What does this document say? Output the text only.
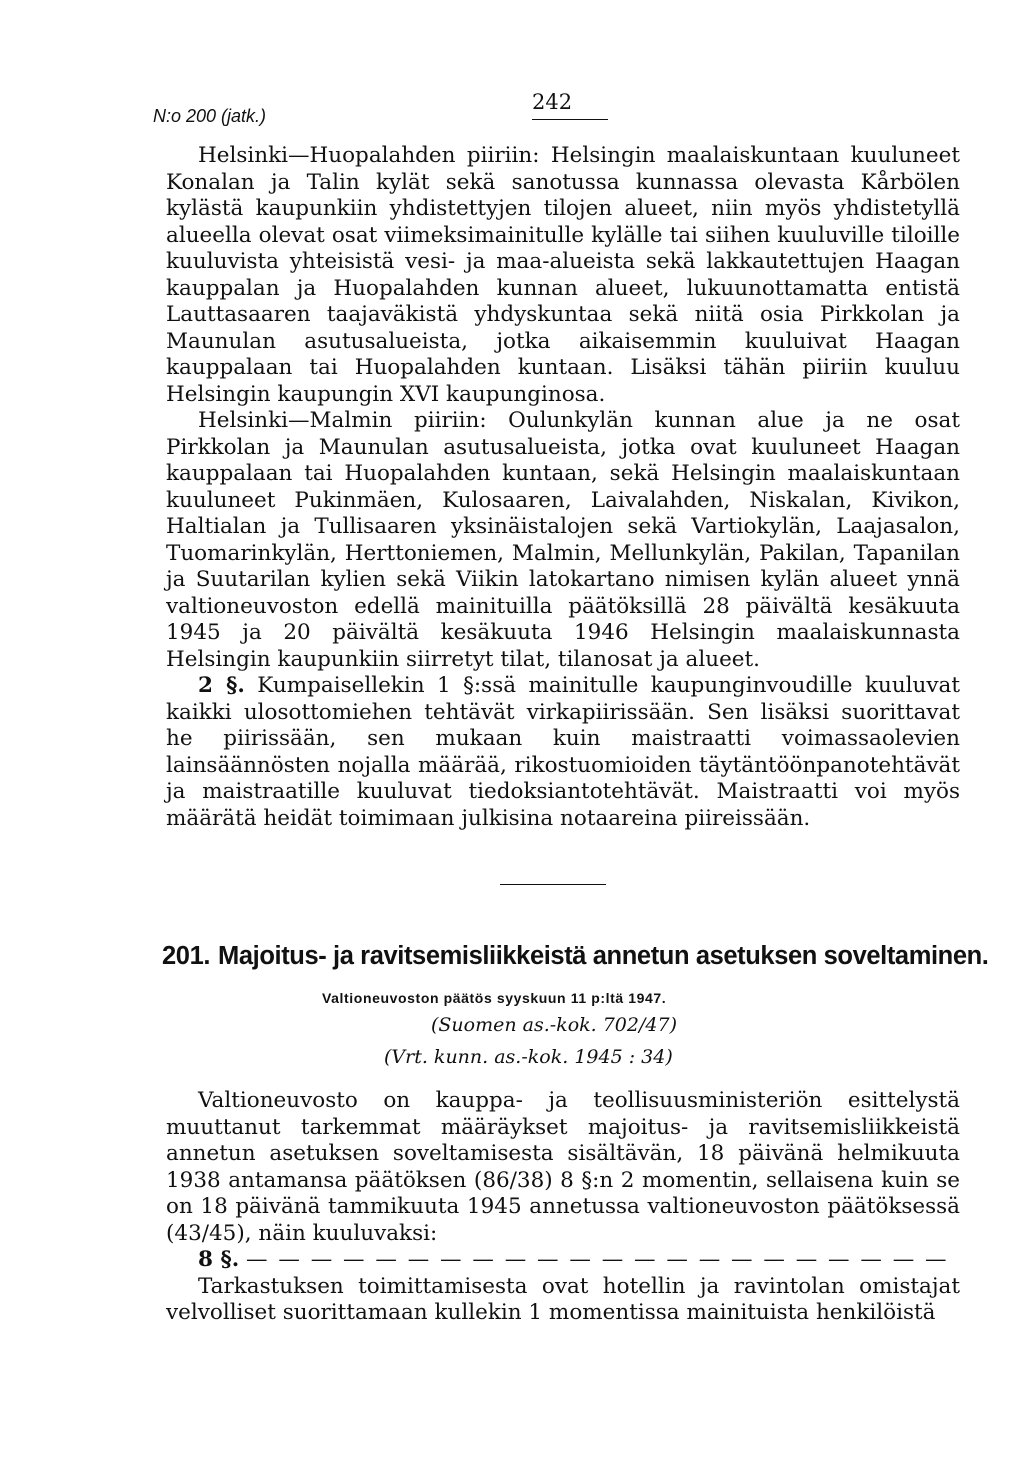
N:o 200 (jatk.)
242

Helsinki—Huopalahden piiriin: Helsingin maalaiskuntaan kuuluneet Konalan ja Talin kylät sekä sanotussa kunnassa olevasta Kårbölen kylästä kaupunkiin yhdistettyjen tilojen alueet, niin myös yhdistetyllä alueella olevat osat viimeksimainitulle kylälle tai siihen kuuluville tiloille kuuluvista yhteisistä vesi- ja maa-alueista sekä lakkautettujen Haagan kauppalan ja Huopalahden kunnan alueet, lukuunottamatta entistä Lauttasaaren taajaväkistä yhdyskuntaa sekä niitä osia Pirkkolan ja Maunulan asutusalueista, jotka aikaisemmin kuuluivat Haagan kauppalaan tai Huopalahden kuntaan. Lisäksi tähän piiriin kuuluu Helsingin kaupungin XVI kaupunginosa.

Helsinki—Malmin piiriin: Oulunkylän kunnan alue ja ne osat Pirkkolan ja Maunulan asutusalueista, jotka ovat kuuluneet Haagan kauppalaan tai Huopalahden kuntaan, sekä Helsingin maalaiskuntaan kuuluneet Pukinmäen, Kulosaaren, Laivalahden, Niskalan, Kivikon, Haltialan ja Tullisaaren yksinäistalojen sekä Vartiokylän, Laajasalon, Tuomarinkylän, Herttoniemen, Malmin, Mellunkylän, Pakilan, Tapanilan ja Suutarilan kylien sekä Viikin latokartano nimisen kylän alueet ynnä valtioneuvoston edellä mainituilla päätöksillä 28 päivältä kesäkuuta 1945 ja 20 päivältä kesäkuuta 1946 Helsingin maalaiskunnasta Helsingin kaupunkiin siirretyt tilat, tilanosat ja alueet.

2 §. Kumpaisellekin 1 §:ssä mainitulle kaupunginvoudille kuuluvat kaikki ulosottomiehen tehtävät virkapiirissään. Sen lisäksi suorittavat he piirissään, sen mukaan kuin maistraatti voimassaolevien lainsäännösten nojalla määrää, rikostuomioiden täytäntöönpanotehtävät ja maistraatille kuuluvat tiedoksiantotehtävät. Maistraatti voi myös määrätä heidät toimimaan julkisina notaareina piireissään.

201. Majoitus- ja ravitsemisliikkeistä annetun asetuksen soveltaminen.
Valtioneuvoston päätös syyskuun 11 p:ltä 1947.
(Suomen as.-kok. 702/47)
(Vrt. kunn. as.-kok. 1945 : 34)

Valtioneuvosto on kauppa- ja teollisuusministeriön esittelystä muuttanut tarkemmat määräykset majoitus- ja ravitsemisliikkeistä annetun asetuksen soveltamisesta sisältävän, 18 päivänä helmikuuta 1938 antamansa päätöksen (86/38) 8 §:n 2 momentin, sellaisena kuin se on 18 päivänä tammikuuta 1945 annetussa valtioneuvoston päätöksessä (43/45), näin kuuluvaksi:

8 §. — — — — — — — — — — — — — — — — — — — — — —

Tarkastuksen toimittamisesta ovat hotellin ja ravintolan omistajat velvolliset suorittamaan kullekin 1 momentissa mainituista henkilöistä
